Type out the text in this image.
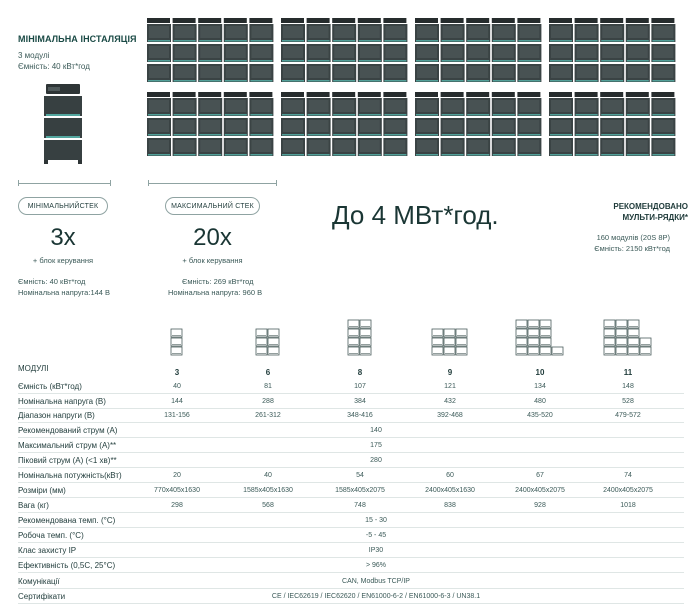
МІНІМАЛЬНА ІНСТАЛЯЦІЯ
3 модулі
Ємність: 40 кВт*год
МІНІМАЛЬНИЙСТЕК
3x
+ блок керування
Ємність: 40 кВт*год
Номінальна напруга:144 В
МАКСИМАЛЬНИЙ СТЕК
20x
+ блок керування
Ємність: 269 кВт*год
Номінальна напруга: 960 В
До 4 МВт*год.	РЕКОМЕНДОВАНО
МУЛЬТИ-РЯДКИ*
160 модулів (20S 8P)
Ємність: 2150 кВт*год
МОДУЛІ	3	6	8	9	10	11
Ємність (кВт*год)	40	81	107	121	134	148
Номінальна напруга (В)	144	288	384	432	480	528
Діапазон напруги (В)	131-156	261-312	348-416	392-468	435-520	479-572
Рекомендований струм (А)	140
Максимальний струм (А)**	175
Піковий струм (А) (<1 хв)**	280
Номінальна потужність(кВт)	20	40	54	60	67	74
Розміри (мм)	770x405x1630	1585x405x1630	1585x405x2075	2400x405x1630	2400x405x2075	2400x405x2075
Вага (кг)	298	568	748	838	928	1018
Рекомендована темп. (°C)	15 - 30
Робоча темп. (°C)	-5 - 45
Клас захисту IP	IP30
Ефективність (0,5C, 25°C)	> 96%
Комунікації	CAN, Modbus TCP/IP
Сертифікати	CE / IEC62619 / IEC62620 / EN61000-6-2 / EN61000-6-3 / UN38.1
